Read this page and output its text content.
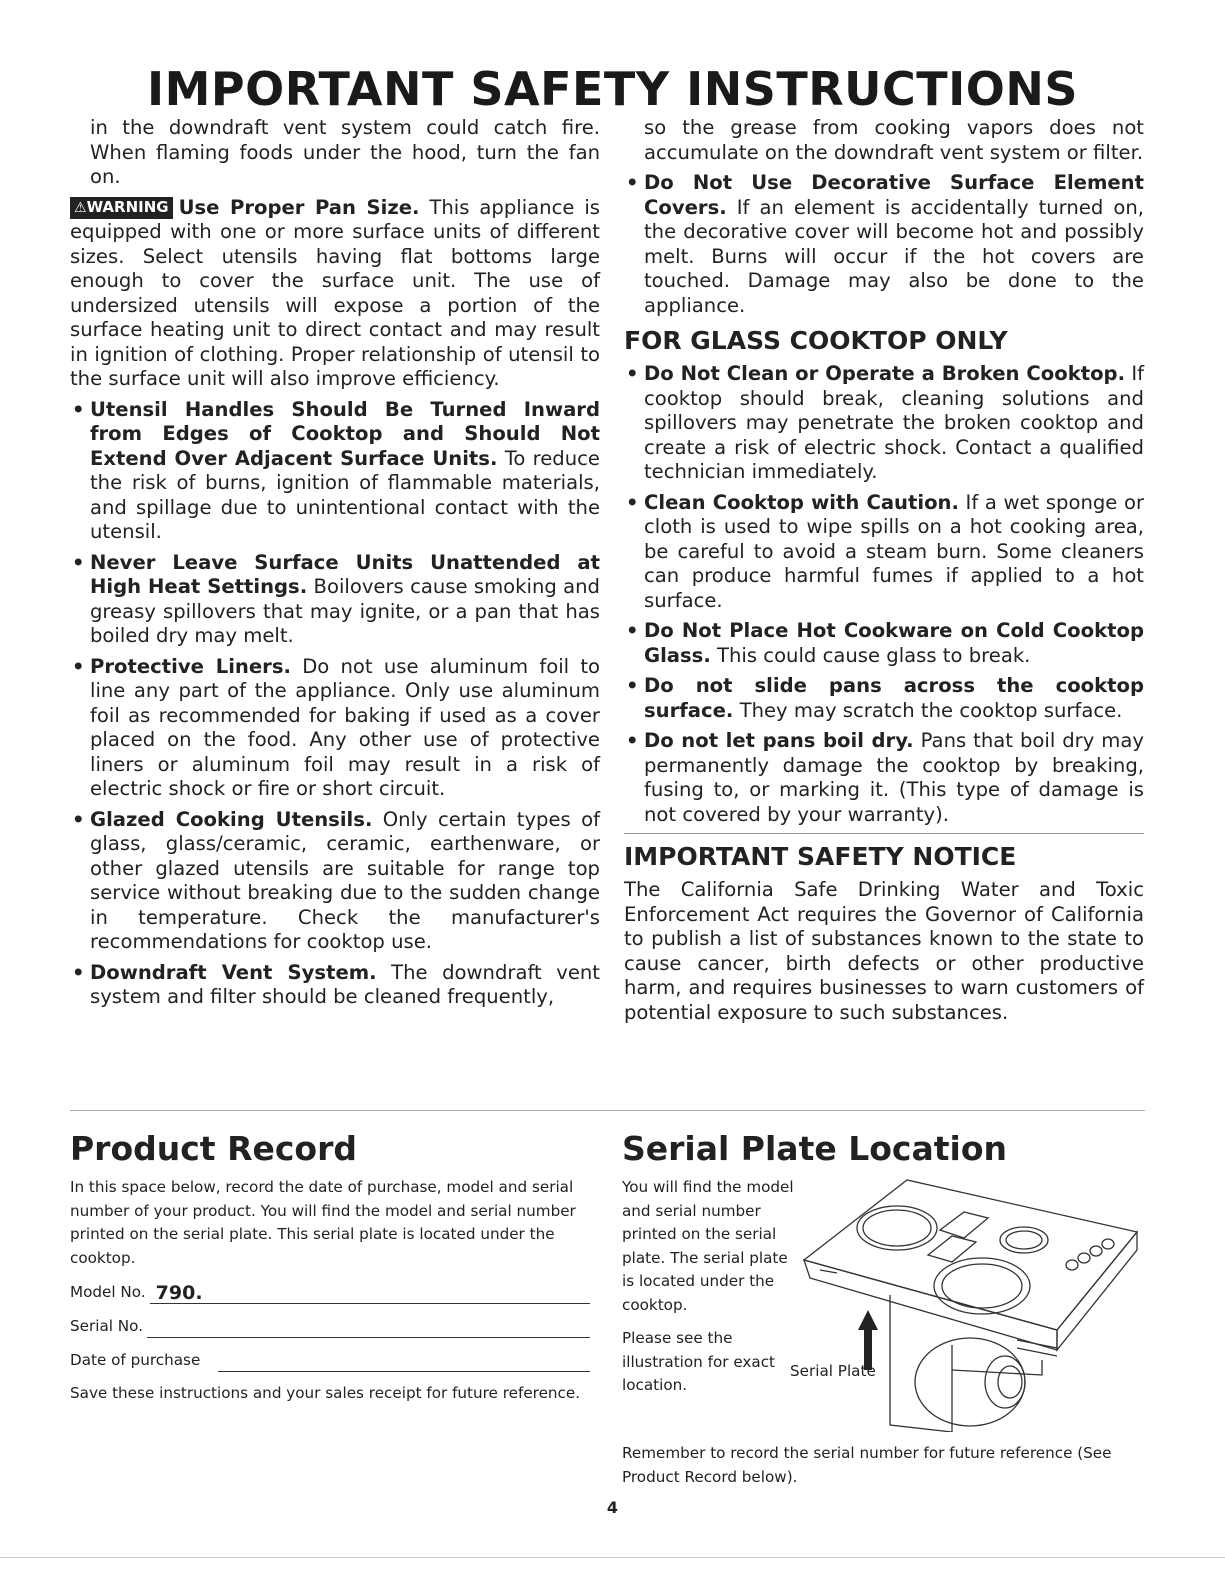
IMPORTANT SAFETY INSTRUCTIONS

in the downdraft vent system could catch fire. When flaming foods under the hood, turn the fan on.

⚠WARNING Use Proper Pan Size. This appliance is equipped with one or more surface units of different sizes. Select utensils having flat bottoms large enough to cover the surface unit. The use of undersized utensils will expose a portion of the surface heating unit to direct contact and may result in ignition of clothing. Proper relationship of utensil to the surface unit will also improve efficiency.

• Utensil Handles Should Be Turned Inward from Edges of Cooktop and Should Not Extend Over Adjacent Surface Units. To reduce the risk of burns, ignition of flammable materials, and spillage due to unintentional contact with the utensil.
• Never Leave Surface Units Unattended at High Heat Settings. Boilovers cause smoking and greasy spillovers that may ignite, or a pan that has boiled dry may melt.
• Protective Liners. Do not use aluminum foil to line any part of the appliance. Only use aluminum foil as recommended for baking if used as a cover placed on the food. Any other use of protective liners or aluminum foil may result in a risk of electric shock or fire or short circuit.
• Glazed Cooking Utensils. Only certain types of glass, glass/ceramic, ceramic, earthenware, or other glazed utensils are suitable for range top service without breaking due to the sudden change in temperature. Check the manufacturer's recommendations for cooktop use.
• Downdraft Vent System. The downdraft vent system and filter should be cleaned frequently,

so the grease from cooking vapors does not accumulate on the downdraft vent system or filter.

• Do Not Use Decorative Surface Element Covers. If an element is accidentally turned on, the decorative cover will become hot and possibly melt. Burns will occur if the hot covers are touched. Damage may also be done to the appliance.
FOR GLASS COOKTOP ONLY
• Do Not Clean or Operate a Broken Cooktop. If cooktop should break, cleaning solutions and spillovers may penetrate the broken cooktop and create a risk of electric shock. Contact a qualified technician immediately.
• Clean Cooktop with Caution. If a wet sponge or cloth is used to wipe spills on a hot cooking area, be careful to avoid a steam burn. Some cleaners can produce harmful fumes if applied to a hot surface.
• Do Not Place Hot Cookware on Cold Cooktop Glass. This could cause glass to break.
• Do not slide pans across the cooktop surface. They may scratch the cooktop surface.
• Do not let pans boil dry. Pans that boil dry may permanently damage the cooktop by breaking, fusing to, or marking it. (This type of damage is not covered by your warranty).
IMPORTANT SAFETY NOTICE

The California Safe Drinking Water and Toxic Enforcement Act requires the Governor of California to publish a list of substances known to the state to cause cancer, birth defects or other productive harm, and requires businesses to warn customers of potential exposure to such substances.

Product Record

In this space below, record the date of purchase, model and serial number of your product. You will find the model and serial number printed on the serial plate. This serial plate is located under the cooktop.

Model No. 790.
Serial No.
Date of purchase

Save these instructions and your sales receipt for future reference.

Serial Plate Location

You will find the model and serial number printed on the serial plate. The serial plate is located under the cooktop.

Please see the illustration for exact location.

Serial Plate
Remember to record the serial number for future reference (See Product Record below).
4
